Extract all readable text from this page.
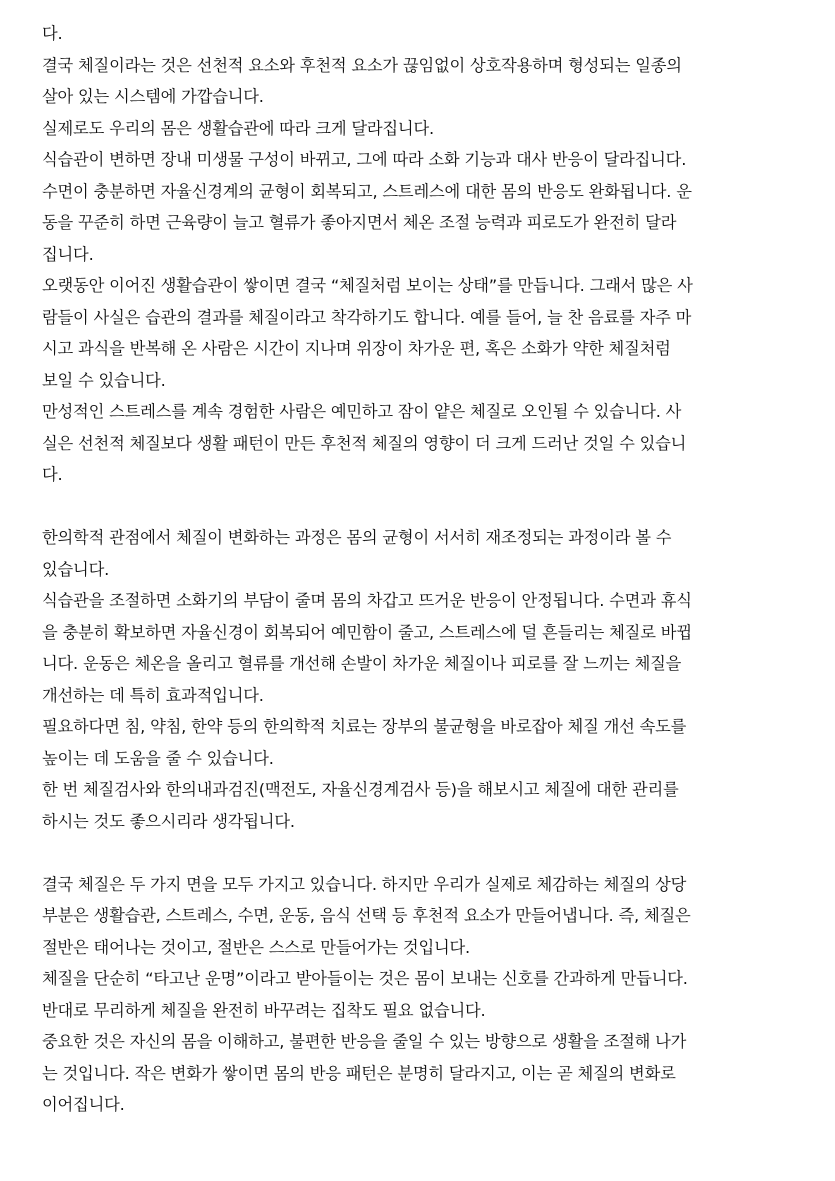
다.
결국 체질이라는 것은 선천적 요소와 후천적 요소가 끊임없이 상호작용하며 형성되는 일종의
살아 있는 시스템에 가깝습니다.
실제로도 우리의 몸은 생활습관에 따라 크게 달라집니다.
식습관이 변하면 장내 미생물 구성이 바뀌고, 그에 따라 소화 기능과 대사 반응이 달라집니다.
수면이 충분하면 자율신경계의 균형이 회복되고, 스트레스에 대한 몸의 반응도 완화됩니다. 운
동을 꾸준히 하면 근육량이 늘고 혈류가 좋아지면서 체온 조절 능력과 피로도가 완전히 달라
집니다.
오랫동안 이어진 생활습관이 쌓이면 결국 “체질처럼 보이는 상태”를 만듭니다. 그래서 많은 사
람들이 사실은 습관의 결과를 체질이라고 착각하기도 합니다. 예를 들어, 늘 찬 음료를 자주 마
시고 과식을 반복해 온 사람은 시간이 지나며 위장이 차가운 편, 혹은 소화가 약한 체질처럼
보일 수 있습니다.
만성적인 스트레스를 계속 경험한 사람은 예민하고 잠이 얕은 체질로 오인될 수 있습니다. 사
실은 선천적 체질보다 생활 패턴이 만든 후천적 체질의 영향이 더 크게 드러난 것일 수 있습니
다.
한의학적 관점에서 체질이 변화하는 과정은 몸의 균형이 서서히 재조정되는 과정이라 볼 수
있습니다.
식습관을 조절하면 소화기의 부담이 줄며 몸의 차갑고 뜨거운 반응이 안정됩니다. 수면과 휴식
을 충분히 확보하면 자율신경이 회복되어 예민함이 줄고, 스트레스에 덜 흔들리는 체질로 바뀝
니다. 운동은 체온을 올리고 혈류를 개선해 손발이 차가운 체질이나 피로를 잘 느끼는 체질을
개선하는 데 특히 효과적입니다.
필요하다면 침, 약침, 한약 등의 한의학적 치료는 장부의 불균형을 바로잡아 체질 개선 속도를
높이는 데 도움을 줄 수 있습니다.
한 번 체질검사와 한의내과검진(맥전도, 자율신경계검사 등)을 해보시고 체질에 대한 관리를
하시는 것도 좋으시리라 생각됩니다.
결국 체질은 두 가지 면을 모두 가지고 있습니다. 하지만 우리가 실제로 체감하는 체질의 상당
부분은 생활습관, 스트레스, 수면, 운동, 음식 선택 등 후천적 요소가 만들어냅니다. 즉, 체질은
절반은 태어나는 것이고, 절반은 스스로 만들어가는 것입니다.
체질을 단순히 “타고난 운명”이라고 받아들이는 것은 몸이 보내는 신호를 간과하게 만듭니다.
반대로 무리하게 체질을 완전히 바꾸려는 집착도 필요 없습니다.
중요한 것은 자신의 몸을 이해하고, 불편한 반응을 줄일 수 있는 방향으로 생활을 조절해 나가
는 것입니다. 작은 변화가 쌓이면 몸의 반응 패턴은 분명히 달라지고, 이는 곧 체질의 변화로
이어집니다.
